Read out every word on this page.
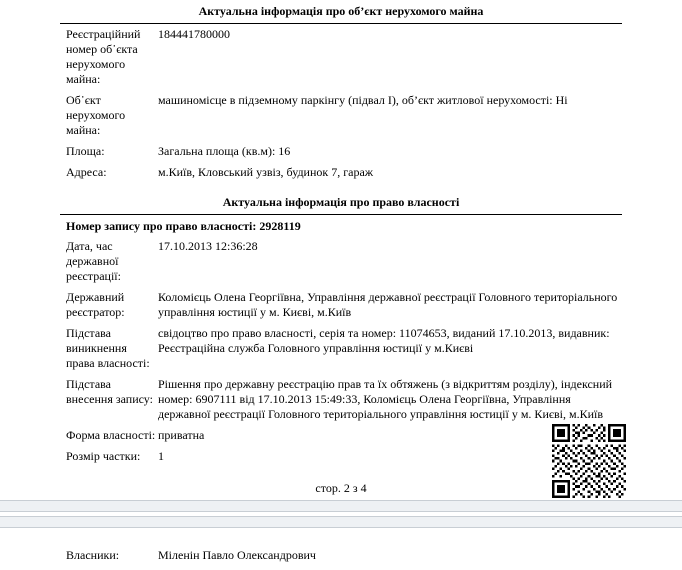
Актуальна інформація про об’єкт нерухомого майна
Реєстраційний номер об᾽єкта нерухомого майна:
184441780000
Об᾽єкт нерухомого майна:
машиномісце в підземному паркінгу (підвал I), об’єкт житлової нерухомості: Ні
Площа:	Загальна площа (кв.м): 16
Адреса:	м.Київ, Кловський узвіз, будинок 7, гараж
Актуальна інформація про право власності
Номер запису про право власності: 2928119
Дата, час державної реєстрації:
17.10.2013 12:36:28
Державний реєстратор:
Коломієць Олена Георгіївна, Управління державної реєстрації Головного територіального управління юстиції у м. Києві, м.Київ
Підстава виникнення права власності:
свідоцтво про право власності, серія та номер: 11074653, виданий 17.10.2013, видавник: Реєстраційна служба Головного управління юстиції у м.Києві
Підстава внесення запису:
Рішення про державну реєстрацію прав та їх обтяжень (з відкриттям розділу), індексний номер: 6907111 від 17.10.2013 15:49:33, Коломієць Олена Георгіївна, Управління державної реєстрації Головного територіального управління юстиції у м. Києві, м.Київ
Форма власності: приватна
Розмір частки:	1
стор. 2 з 4
Власники:	Міленін Павло Олександрович
